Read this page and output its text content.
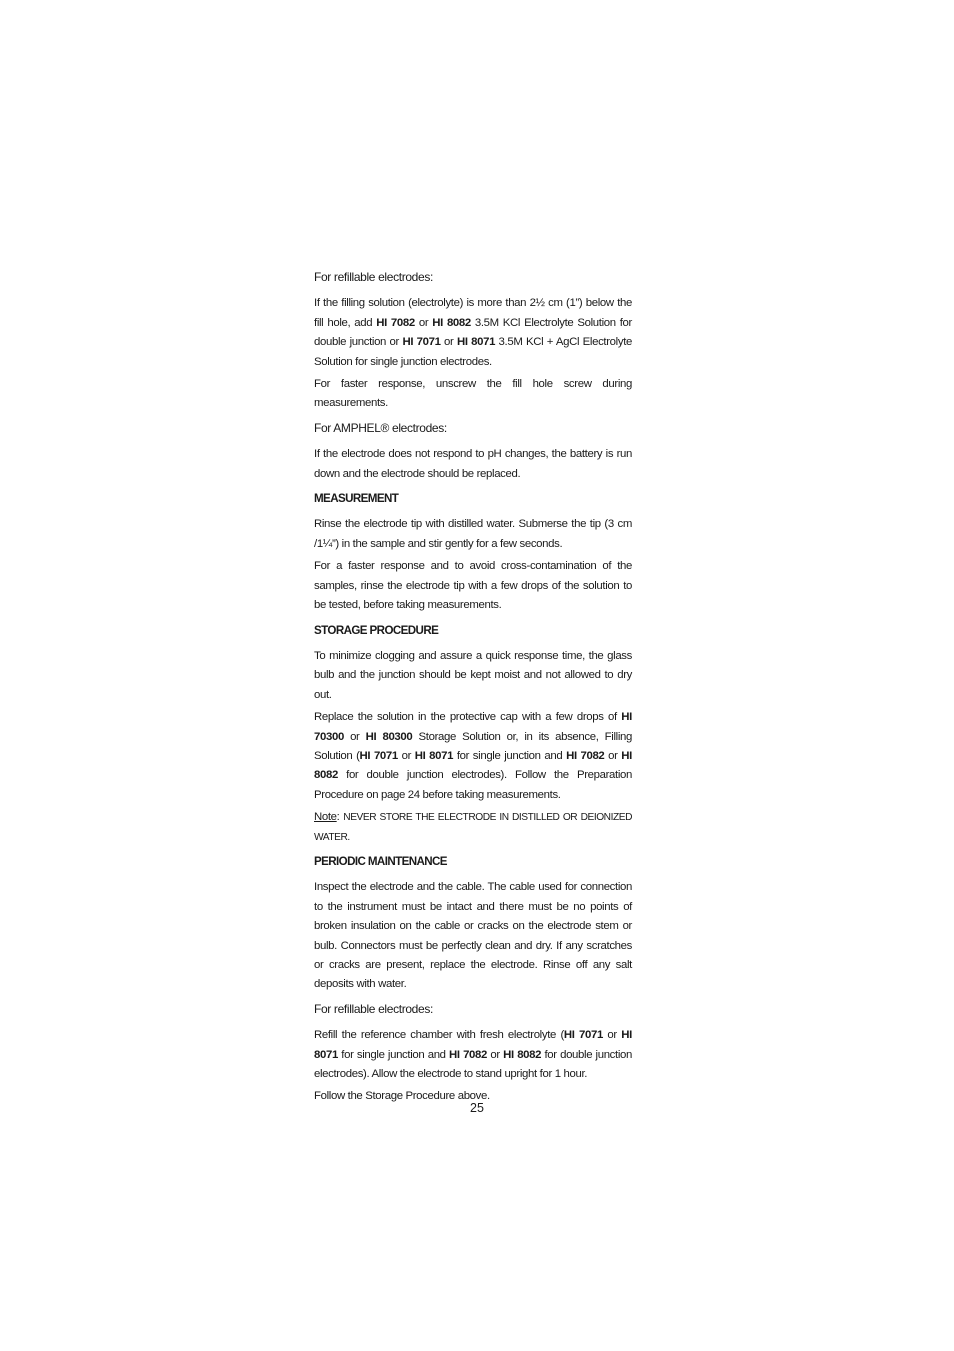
For refillable electrodes:

If the filling solution (electrolyte) is more than 2½ cm (1”) below the fill hole, add HI 7082 or HI 8082 3.5M KCl Electrolyte Solution for double junction or HI 7071 or HI 8071 3.5M KCl + AgCl Electrolyte Solution for single junction electrodes.

For faster response, unscrew the fill hole screw during measurements.

For AMPHEL® electrodes:

If the electrode does not respond to pH changes, the battery is run down and the electrode should be replaced.

MEASUREMENT

Rinse the electrode tip with distilled water. Submerse the tip (3 cm /1¼”) in the sample and stir gently for a few seconds.

For a faster response and to avoid cross-contamination of the samples, rinse the electrode tip with a few drops of the solution to be tested, before taking measurements.

STORAGE PROCEDURE

To minimize clogging and assure a quick response time, the glass bulb and the junction should be kept moist and not allowed to dry out.

Replace the solution in the protective cap with a few drops of HI 70300 or HI 80300 Storage Solution or, in its absence, Filling Solution (HI 7071 or HI 8071 for single junction and HI 7082 or HI 8082 for double junction electrodes). Follow the Preparation Procedure on page 24 before taking measurements.

Note: NEVER STORE THE ELECTRODE IN DISTILLED OR DEIONIZED WATER.

PERIODIC MAINTENANCE

Inspect the electrode and the cable. The cable used for connection to the instrument must be intact and there must be no points of broken insulation on the cable or cracks on the electrode stem or bulb. Connectors must be perfectly clean and dry. If any scratches or cracks are present, replace the electrode. Rinse off any salt deposits with water.

For refillable electrodes:

Refill the reference chamber with fresh electrolyte (HI 7071 or HI 8071 for single junction and HI 7082 or HI 8082 for double junction electrodes). Allow the electrode to stand upright for 1 hour.

Follow the Storage Procedure above.

25
